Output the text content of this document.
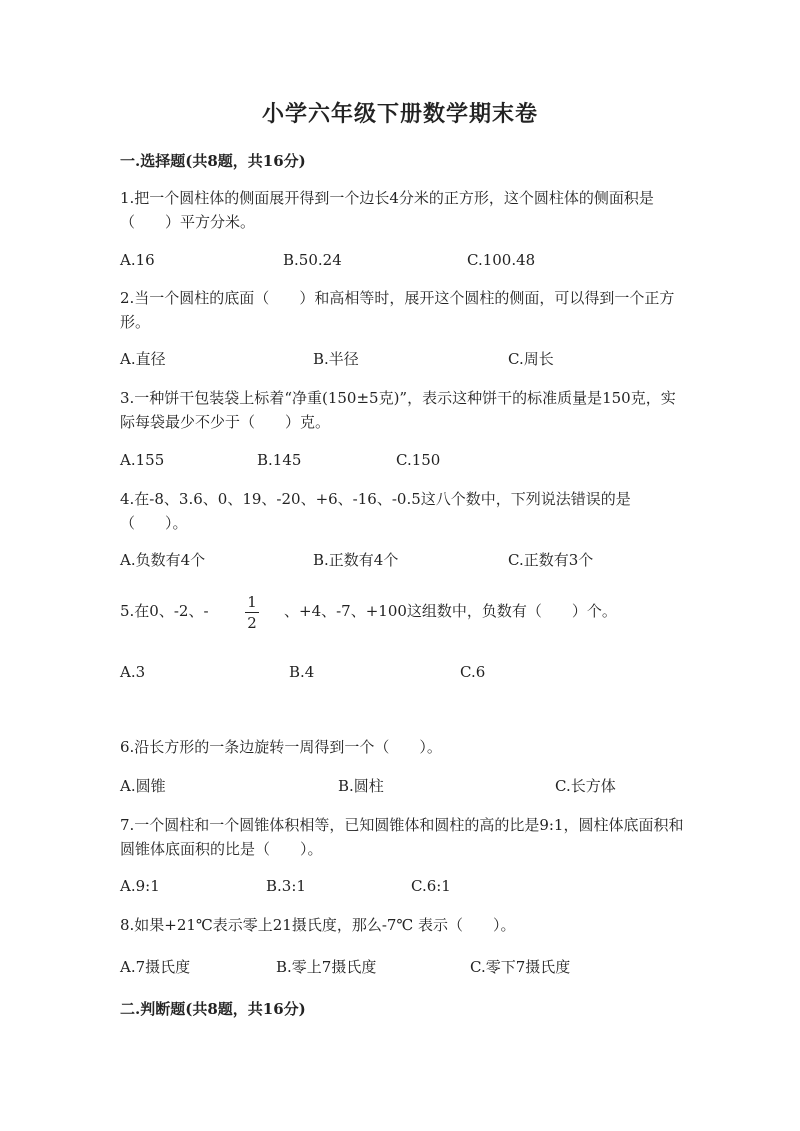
小学六年级下册数学期末卷
一.选择题(共8题，共16分)
1.把一个圆柱体的侧面展开得到一个边长4分米的正方形，这个圆柱体的侧面积是（　　）平方分米。
A.16	B.50.24	C.100.48
2.当一个圆柱的底面（　　）和高相等时，展开这个圆柱的侧面，可以得到一个正方形。
A.直径	B.半径	C.周长
3.一种饼干包装袋上标着“净重(150±5克)”，表示这种饼干的标准质量是150克，实际每袋最少不少于（　　）克。
A.155	B.145	C.150
4.在-8、3.6、0、19、-20、+6、-16、-0.5这八个数中，下列说法错误的是（　　）。
A.负数有4个	B.正数有4个	C.正数有3个
5.在0、-2、-	1
2
、+4、-7、+100这组数中，负数有（　　）个。
A.3	B.4	C.6
6.沿长方形的一条边旋转一周得到一个（　　）。
A.圆锥	B.圆柱	C.长方体
7.一个圆柱和一个圆锥体积相等，已知圆锥体和圆柱的高的比是9:1，圆柱体底面积和圆锥体底面积的比是（　　）。
A.9:1	B.3:1	C.6:1
8.如果+21℃表示零上21摄氏度，那么-7℃ 表示（　　）。
A.7摄氏度	B.零上7摄氏度	C.零下7摄氏度
二.判断题(共8题，共16分)
